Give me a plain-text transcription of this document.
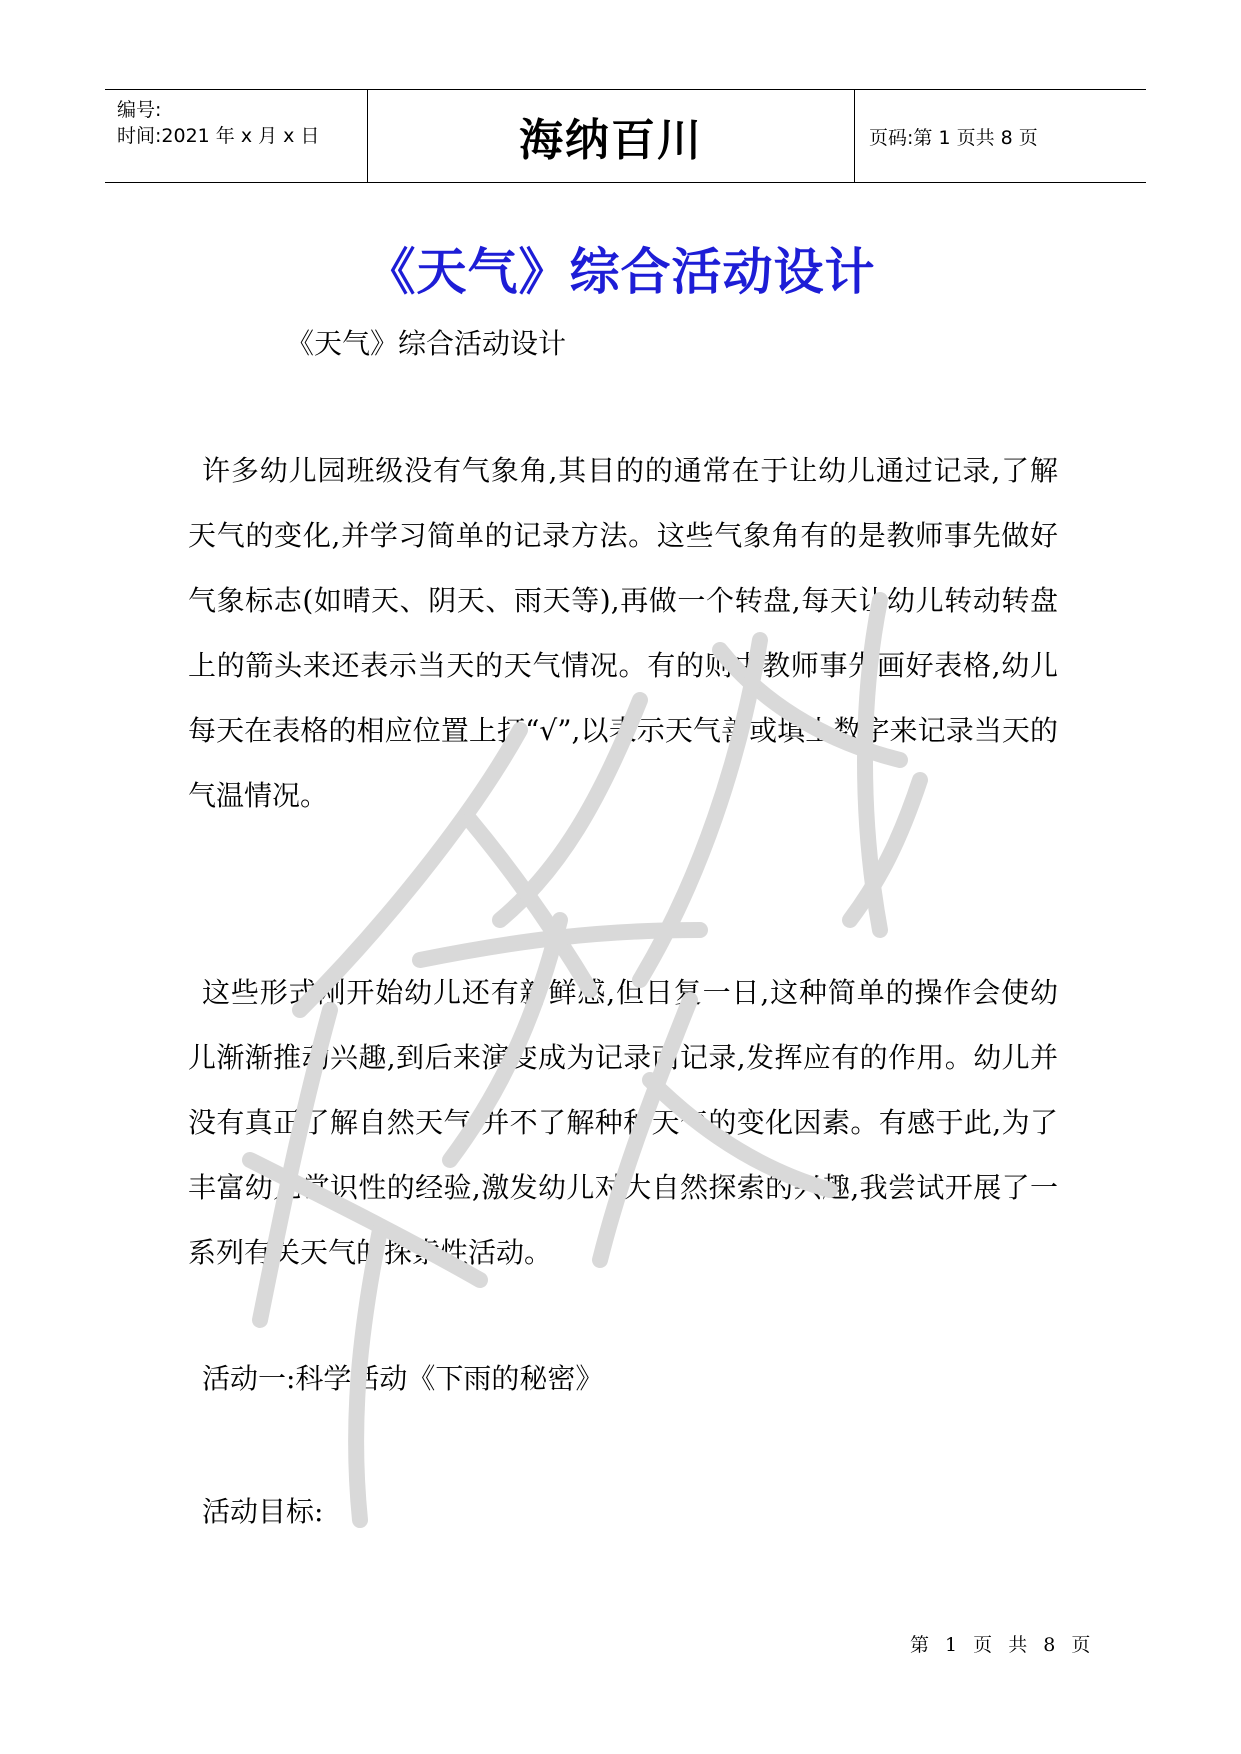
编号:
时间:2021 年 x 月 x 日	海纳百川	页码:第 1 页共 8 页
《天气》综合活动设计
《天气》综合活动设计
许多幼儿园班级没有气象角,其目的的通常在于让幼儿通过记录,了解天气的变化,并学习简单的记录方法。这些气象角有的是教师事先做好气象标志(如晴天、阴天、雨天等),再做一个转盘,每天让幼儿转动转盘上的箭头来还表示当天的天气情况。有的则由教师事先画好表格,幼儿每天在表格的相应位置上打“√”,以表示天气善或填上数字来记录当天的气温情况。
这些形式刚开始幼儿还有新鲜感,但日复一日,这种简单的操作会使幼儿渐渐推动兴趣,到后来演变成为记录而记录,发挥应有的作用。幼儿并没有真正了解自然天气,并不了解种种天气的变化因素。有感于此,为了丰富幼儿常识性的经验,激发幼儿对大自然探索的兴趣,我尝试开展了一系列有关天气的探索性活动。
活动一:科学活动《下雨的秘密》
活动目标:
第 1 页 共 8 页
